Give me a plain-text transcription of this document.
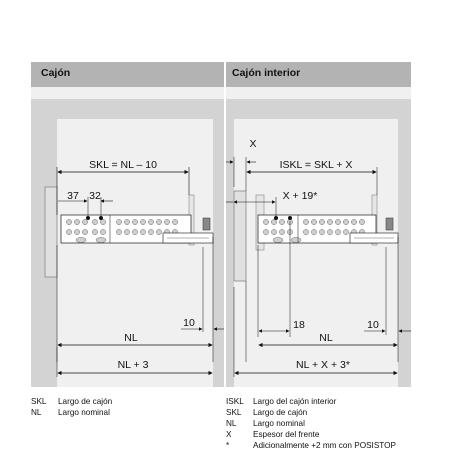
Cajón
SKL = NL – 10
37 32
NL
10
NL + 3
SKL Largo de cajón
NL Largo nominal
Cajón interior
X
ISKL = SKL + X
X + 19*
18
NL
10
NL + X + 3*
ISKL Largo del cajón interior
SKL Largo de cajón
NL Largo nominal
X	Espesor del frente
*	Adicionalmente +2 mm con POSISTOP
